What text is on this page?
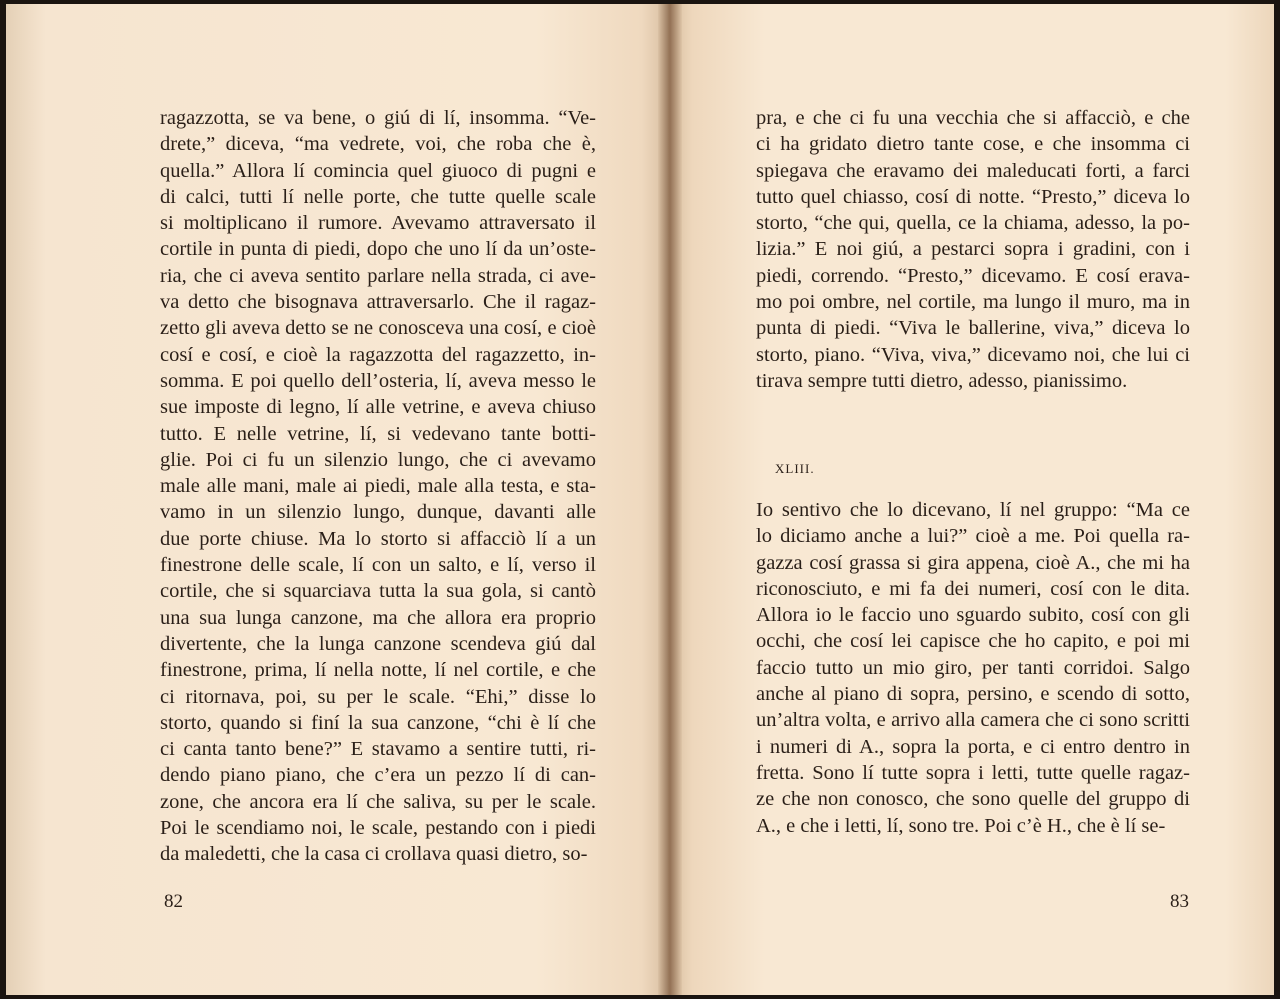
ragazzotta, se va bene, o giú di lí, insomma. “Ve-
drete,” diceva, “ma vedrete, voi, che roba che è,
quella.” Allora lí comincia quel giuoco di pugni e
di calci, tutti lí nelle porte, che tutte quelle scale
si moltiplicano il rumore. Avevamo attraversato il
cortile in punta di piedi, dopo che uno lí da un’oste-
ria, che ci aveva sentito parlare nella strada, ci ave-
va detto che bisognava attraversarlo. Che il ragaz-
zetto gli aveva detto se ne conosceva una cosí, e cioè
cosí e cosí, e cioè la ragazzotta del ragazzetto, in-
somma. E poi quello dell’osteria, lí, aveva messo le
sue imposte di legno, lí alle vetrine, e aveva chiuso
tutto. E nelle vetrine, lí, si vedevano tante botti-
glie. Poi ci fu un silenzio lungo, che ci avevamo
male alle mani, male ai piedi, male alla testa, e sta-
vamo in un silenzio lungo, dunque, davanti alle
due porte chiuse. Ma lo storto si affacciò lí a un
finestrone delle scale, lí con un salto, e lí, verso il
cortile, che si squarciava tutta la sua gola, si cantò
una sua lunga canzone, ma che allora era proprio
divertente, che la lunga canzone scendeva giú dal
finestrone, prima, lí nella notte, lí nel cortile, e che
ci ritornava, poi, su per le scale. “Ehi,” disse lo
storto, quando si finí la sua canzone, “chi è lí che
ci canta tanto bene?” E stavamo a sentire tutti, ri-
dendo piano piano, che c’era un pezzo lí di can-
zone, che ancora era lí che saliva, su per le scale.
Poi le scendiamo noi, le scale, pestando con i piedi
da maledetti, che la casa ci crollava quasi dietro, so-
82
pra, e che ci fu una vecchia che si affacciò, e che
ci ha gridato dietro tante cose, e che insomma ci
spiegava che eravamo dei maleducati forti, a farci
tutto quel chiasso, cosí di notte. “Presto,” diceva lo
storto, “che qui, quella, ce la chiama, adesso, la po-
lizia.” E noi giú, a pestarci sopra i gradini, con i
piedi, correndo. “Presto,” dicevamo. E cosí erava-
mo poi ombre, nel cortile, ma lungo il muro, ma in
punta di piedi. “Viva le ballerine, viva,” diceva lo
storto, piano. “Viva, viva,” dicevamo noi, che lui ci
tirava sempre tutti dietro, adesso, pianissimo.
XLIII.
Io sentivo che lo dicevano, lí nel gruppo: “Ma ce
lo diciamo anche a lui?” cioè a me. Poi quella ra-
gazza cosí grassa si gira appena, cioè A., che mi ha
riconosciuto, e mi fa dei numeri, cosí con le dita.
Allora io le faccio uno sguardo subito, cosí con gli
occhi, che cosí lei capisce che ho capito, e poi mi
faccio tutto un mio giro, per tanti corridoi. Salgo
anche al piano di sopra, persino, e scendo di sotto,
un’altra volta, e arrivo alla camera che ci sono scritti
i numeri di A., sopra la porta, e ci entro dentro in
fretta. Sono lí tutte sopra i letti, tutte quelle ragaz-
ze che non conosco, che sono quelle del gruppo di
A., e che i letti, lí, sono tre. Poi c’è H., che è lí se-
83
